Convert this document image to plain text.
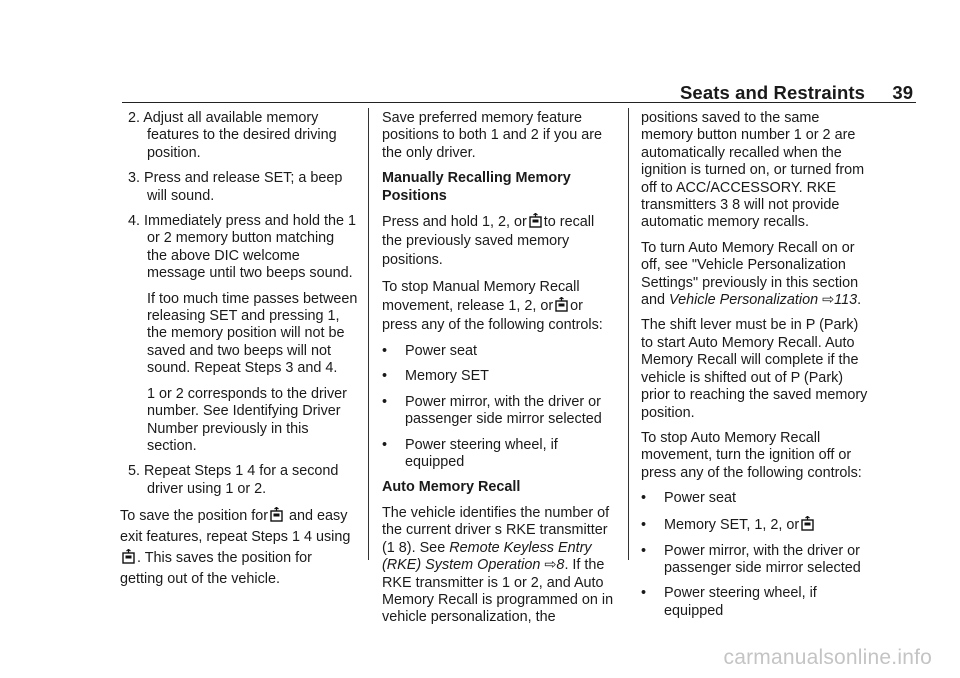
Seats and Restraints 39
2. Adjust all available memory features to the desired driving position.
3. Press and release SET; a beep will sound.
4. Immediately press and hold the 1 or 2 memory button matching the above DIC welcome message until two beeps sound.
If too much time passes between releasing SET and pressing 1, the memory position will not be saved and two beeps will not sound. Repeat Steps 3 and 4.
1 or 2 corresponds to the driver number. See Identifying Driver Number previously in this section.
5. Repeat Steps 1 4 for a second driver using 1 or 2.

To save the position for and easy exit features, repeat Steps 1 4 using
. This saves the position for getting out of the vehicle.

Save preferred memory feature positions to both 1 and 2 if you are the only driver.

Manually Recalling Memory Positions

Press and hold 1, 2, or to recall the previously saved memory positions.

To stop Manual Memory Recall movement, release 1, 2, or or press any of the following controls:

• Power seat
• Memory SET
• Power mirror, with the driver or passenger side mirror selected
• Power steering wheel, if equipped

Auto Memory Recall

The vehicle identifies the number of the current driver s RKE transmitter (1 8). See Remote Keyless Entry (RKE) System Operation ⇨8. If the RKE transmitter is 1 or 2, and Auto Memory Recall is programmed on in vehicle personalization, the

positions saved to the same memory button number 1 or 2 are automatically recalled when the ignition is turned on, or turned from off to ACC/ACCESSORY. RKE transmitters 3 8 will not provide automatic memory recalls.

To turn Auto Memory Recall on or off, see "Vehicle Personalization Settings" previously in this section and Vehicle Personalization ⇨113.

The shift lever must be in P (Park) to start Auto Memory Recall. Auto Memory Recall will complete if the vehicle is shifted out of P (Park) prior to reaching the saved memory position.

To stop Auto Memory Recall movement, turn the ignition off or press any of the following controls:

• Power seat
• Memory SET, 1, 2, or
• Power mirror, with the driver or passenger side mirror selected
• Power steering wheel, if equipped
carmanualsonline.info
